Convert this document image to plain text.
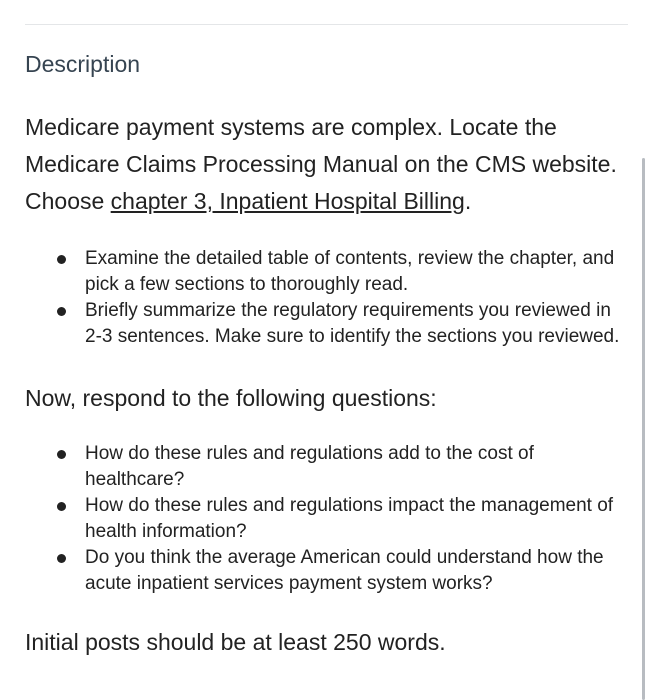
Description

Medicare payment systems are complex. Locate the Medicare Claims Processing Manual on the CMS website. Choose chapter 3, Inpatient Hospital Billing.

Examine the detailed table of contents, review the chapter, and pick a few sections to thoroughly read.
Briefly summarize the regulatory requirements you reviewed in 2-3 sentences. Make sure to identify the sections you reviewed.

Now, respond to the following questions:

How do these rules and regulations add to the cost of healthcare?
How do these rules and regulations impact the management of health information?
Do you think the average American could understand how the acute inpatient services payment system works?

Initial posts should be at least 250 words.
